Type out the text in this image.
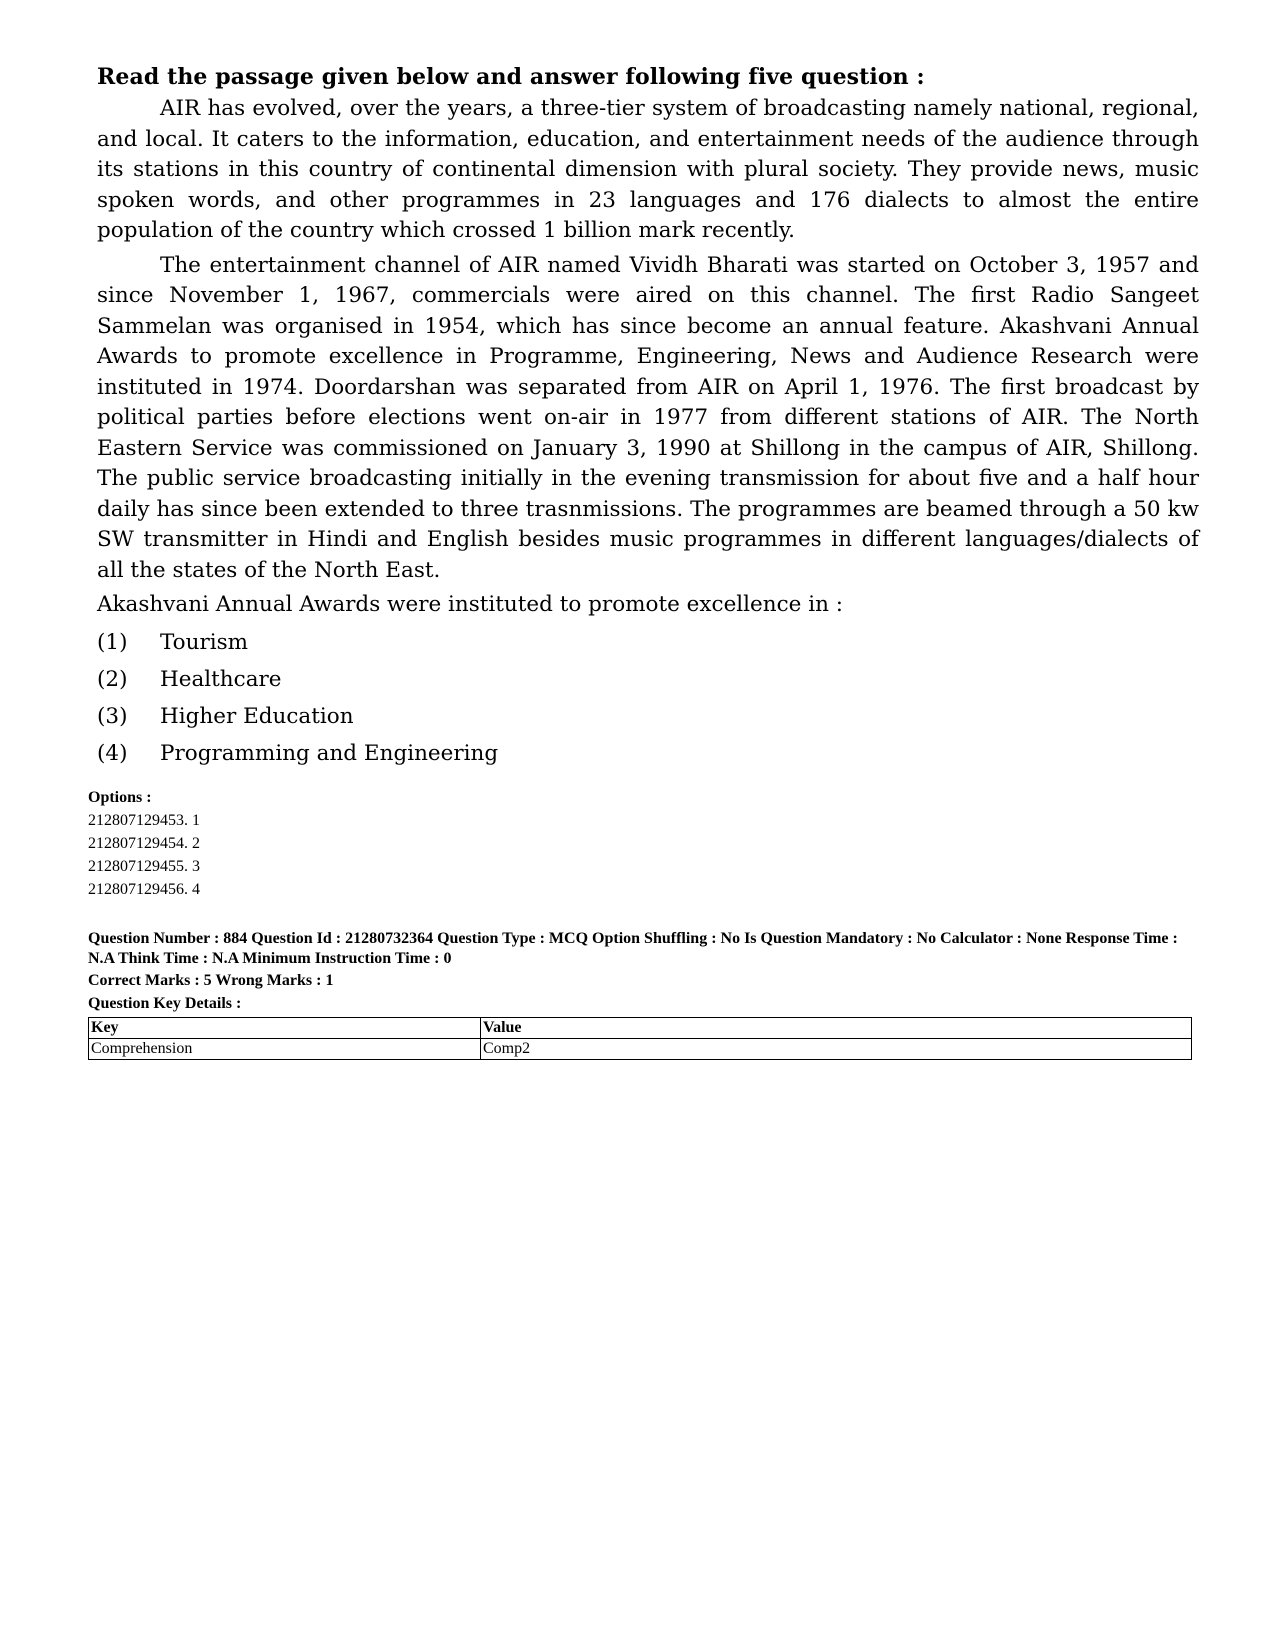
Read the passage given below and answer following five question :

AIR has evolved, over the years, a three-tier system of broadcasting namely national, regional, and local. It caters to the information, education, and entertainment needs of the audience through its stations in this country of continental dimension with plural society. They provide news, music spoken words, and other programmes in 23 languages and 176 dialects to almost the entire population of the country which crossed 1 billion mark recently.

The entertainment channel of AIR named Vividh Bharati was started on October 3, 1957 and since November 1, 1967, commercials were aired on this channel. The first Radio Sangeet Sammelan was organised in 1954, which has since become an annual feature. Akashvani Annual Awards to promote excellence in Programme, Engineering, News and Audience Research were instituted in 1974. Doordarshan was separated from AIR on April 1, 1976. The first broadcast by political parties before elections went on-air in 1977 from different stations of AIR. The North Eastern Service was commissioned on January 3, 1990 at Shillong in the campus of AIR, Shillong. The public service broadcasting initially in the evening transmission for about five and a half hour daily has since been extended to three trasnmissions. The programmes are beamed through a 50 kw SW transmitter in Hindi and English besides music programmes in different languages/dialects of all the states of the North East.

Akashvani Annual Awards were instituted to promote excellence in :
(1)	Tourism
(2)	Healthcare
(3)	Higher Education
(4)	Programming and Engineering
Options :
212807129453. 1
212807129454. 2
212807129455. 3
212807129456. 4
Question Number : 884 Question Id : 21280732364 Question Type : MCQ Option Shuffling : No Is Question Mandatory : No Calculator : None Response Time : N.A Think Time : N.A Minimum Instruction Time : 0
Correct Marks : 5 Wrong Marks : 1
Question Key Details :
Key	Value
Comprehension	Comp2
